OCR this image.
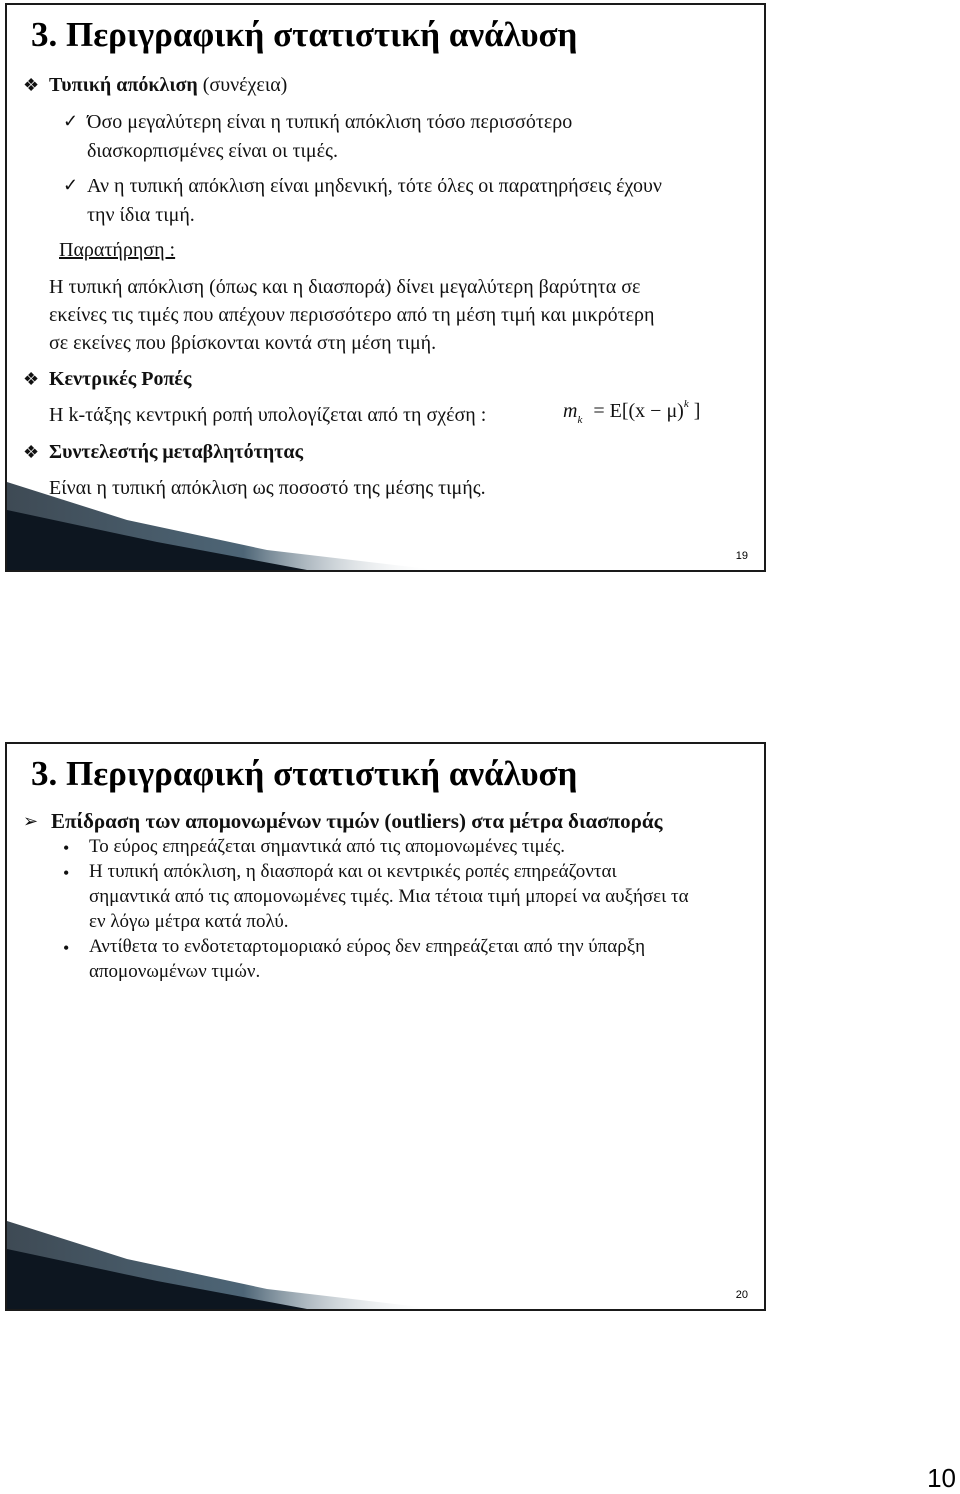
3. Περιγραφική στατιστική ανάλυση
❖ Τυπική απόκλιση (συνέχεια)
✓ Όσο μεγαλύτερη είναι η τυπική απόκλιση τόσο περισσότερο
διασκορπισμένες είναι οι τιμές.
✓ Αν η τυπική απόκλιση είναι μηδενική, τότε όλες οι παρατηρήσεις έχουν
την ίδια τιμή.
Παρατήρηση :
Η τυπική απόκλιση (όπως και η διασπορά) δίνει μεγαλύτερη βαρύτητα σε
εκείνες τις τιμές που απέχουν περισσότερο από τη μέση τιμή και μικρότερη
σε εκείνες που βρίσκονται κοντά στη μέση τιμή.
❖ Κεντρικές Ροπές
Η k-τάξης κεντρική ροπή υπολογίζεται από τη σχέση :	$m_k = E[(x - \mu)^k$ ]
❖ Συντελεστής μεταβλητότητας
Είναι η τυπική απόκλιση ως ποσοστό της μέσης τιμής.
19
3. Περιγραφική στατιστική ανάλυση
➢ Επίδραση των απομονωμένων τιμών (outliers) στα μέτρα διασποράς
• Το εύρος επηρεάζεται σημαντικά από τις απομονωμένες τιμές.
• Η τυπική απόκλιση, η διασπορά και οι κεντρικές ροπές επηρεάζονται
σημαντικά από τις απομονωμένες τιμές. Μια τέτοια τιμή μπορεί να αυξήσει τα
εν λόγω μέτρα κατά πολύ.
• Αντίθετα το ενδοτεταρτομοριακό εύρος δεν επηρεάζεται από την ύπαρξη
απομονωμένων τιμών.
20
10
